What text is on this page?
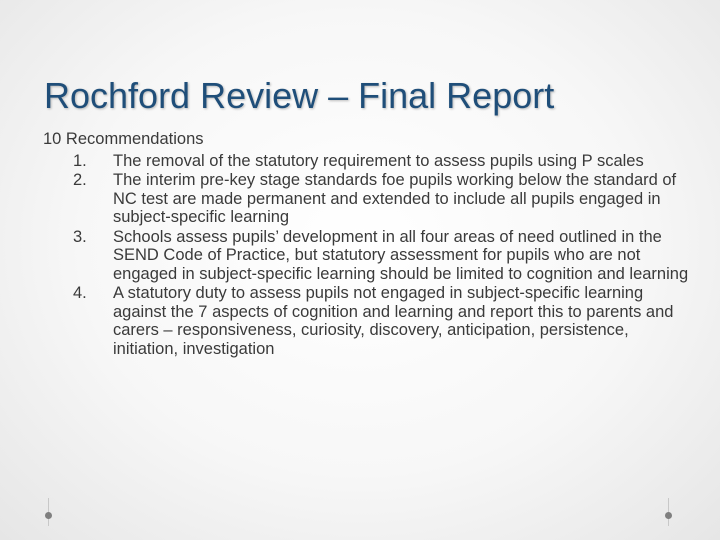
Rochford Review – Final Report
10 Recommendations
1. The removal of the statutory requirement to assess pupils using P scales
2. The interim pre-key stage standards foe pupils working below the standard of NC test are made permanent and extended to include all pupils engaged in subject-specific learning
3. Schools assess pupils’ development in all four areas of need outlined in the SEND Code of Practice, but statutory assessment for pupils who are not engaged in subject-specific learning should be limited to cognition and learning
4. A statutory duty to assess pupils not engaged in subject-specific learning against the 7 aspects of cognition and learning and report this to parents and carers – responsiveness, curiosity, discovery, anticipation, persistence, initiation, investigation
